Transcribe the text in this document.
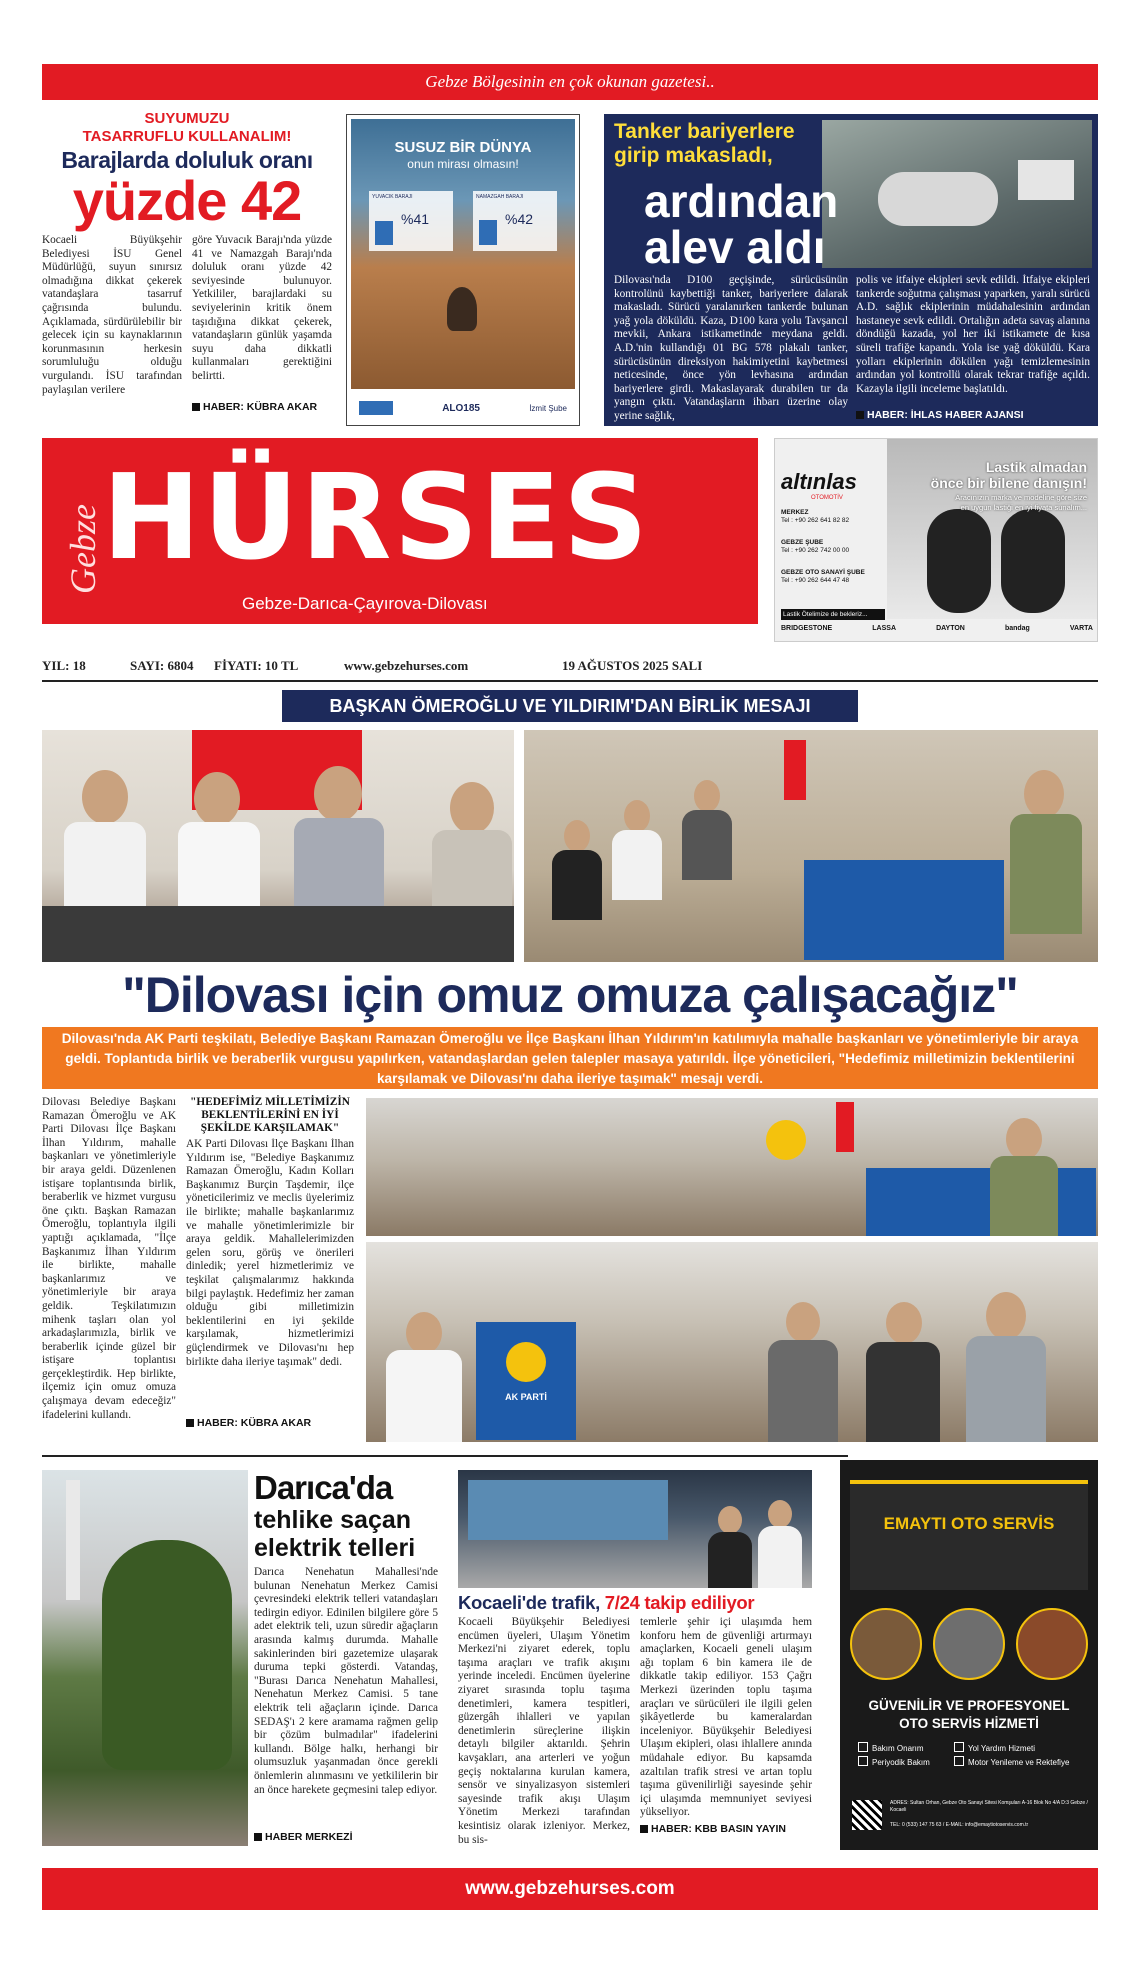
Gebze Bölgesinin en çok okunan gazetesi..
SUYUMUZU
TASARRUFLU KULLANALIM!
Barajlarda doluluk oranı
yüzde 42
Kocaeli Büyükşehir Belediyesi İSU Genel Müdürlüğü, suyun sınırsız olmadığına dikkat çekerek vatandaşlara tasarruf çağrısında bulundu. Açıklamada, sürdürülebilir bir gelecek için su kaynaklarının korunmasının herkesin sorumluluğu olduğu vurgulandı. İSU tarafından paylaşılan verilere
göre Yuvacık Barajı'nda yüzde 41 ve Namazgah Barajı'nda doluluk oranı yüzde 42 seviyesinde bulunuyor. Yetkililer, barajlardaki su seviyelerinin kritik önem taşıdığına dikkat çekerek, vatandaşların günlük yaşamda suyu daha dikkatli kullanmaları gerektiğini belirtti.
HABER: KÜBRA AKAR
SUSUZ BİR DÜNYA
onun mirası olmasın!
YUVACIK BARAJI
%41
NAMAZGAH BARAJI
%42
ALO185	İzmit Şube
Tanker bariyerlere
girip makasladı,
ardından
alev aldı
Dilovası'nda D100 geçişinde, sürücüsünün kontrolünü kaybettiği tanker, bariyerlere dalarak makasladı. Sürücü yaralanırken tankerde bulunan yağ yola döküldü. Kaza, D100 kara yolu Tavşancıl mevkii, Ankara istikametinde meydana geldi. A.D.'nin kullandığı 01 BG 578 plakalı tanker, sürücüsünün direksiyon hakimiyetini kaybetmesi neticesinde, önce yön levhasına ardından bariyerlere girdi. Makaslayarak durabilen tır da yangın çıktı. Vatandaşların ihbarı üzerine olay yerine sağlık,
polis ve itfaiye ekipleri sevk edildi. İtfaiye ekipleri tankerde soğutma çalışması yaparken, yaralı sürücü A.D. sağlık ekiplerinin müdahalesinin ardından hastaneye sevk edildi. Ortalığın adeta savaş alanına döndüğü kazada, yol her iki istikamete de kısa süreli trafiğe kapandı. Yola ise yağ döküldü. Kara yolları ekiplerinin dökülen yağı temizlemesinin ardından yol kontrollü olarak tekrar trafiğe açıldı. Kazayla ilgili inceleme başlatıldı.
HABER: İHLAS HABER AJANSI
Gebze HÜRSES
Gebze-Darıca-Çayırova-Dilovası
Lastik almadan
önce bir bilene danışın!
Aracınızın marka ve modeline göre size
en uygun lastiği en iyi fiyata sunalım...
altınlas
OTOMOTİV
MERKEZ
Tel : +90 262 641 82 82
GEBZE ŞUBE
Tel : +90 262 742 00 00
GEBZE OTO SANAYİ ŞUBE
Tel : +90 262 644 47 48
Lastik Ötelimize de bekleriz...
BRIDGESTONE	LASSA	DAYTON	bandag	VARTA
YIL: 18	SAYI: 6804 FİYATI: 10 TL	www.gebzehurses.com	19 AĞUSTOS 2025 SALI
BAŞKAN ÖMEROĞLU VE YILDIRIM'DAN BİRLİK MESAJI
"Dilovası için omuz omuza çalışacağız"
Dilovası'nda AK Parti teşkilatı, Belediye Başkanı Ramazan Ömeroğlu ve İlçe Başkanı İlhan Yıldırım'ın katılımıyla mahalle başkanları ve yönetimleriyle bir araya geldi. Toplantıda birlik ve beraberlik vurgusu yapılırken, vatandaşlardan gelen talepler masaya yatırıldı. İlçe yöneticileri, "Hedefimiz milletimizin beklentilerini karşılamak ve Dilovası'nı daha ileriye taşımak" mesajı verdi.
Dilovası Belediye Başkanı Ramazan Ömeroğlu ve AK Parti Dilovası İlçe Başkanı İlhan Yıldırım, mahalle başkanları ve yönetimleriyle bir araya geldi. Düzenlenen istişare toplantısında birlik, beraberlik ve hizmet vurgusu öne çıktı. Başkan Ramazan Ömeroğlu, toplantıyla ilgili yaptığı açıklamada, "İlçe Başkanımız İlhan Yıldırım ile birlikte, mahalle başkanlarımız ve yönetimleriyle bir araya geldik. Teşkilatımızın mihenk taşları olan yol arkadaşlarımızla, birlik ve beraberlik içinde güzel bir istişare toplantısı gerçekleştirdik. Hep birlikte, ilçemiz için omuz omuza çalışmaya devam edeceğiz" ifadelerini kullandı.
"HEDEFİMİZ MİLLETİMİZİN BEKLENTİLERİNİ EN İYİ ŞEKİLDE KARŞILAMAK"
AK Parti Dilovası İlçe Başkanı İlhan Yıldırım ise, "Belediye Başkanımız Ramazan Ömeroğlu, Kadın Kolları Başkanımız Burçin Taşdemir, ilçe yöneticilerimiz ve meclis üyelerimiz ile birlikte; mahalle başkanlarımız ve mahalle yönetimlerimizle bir araya geldik. Mahallelerimizden gelen soru, görüş ve önerileri dinledik; yerel hizmetlerimiz ve teşkilat çalışmalarımız hakkında bilgi paylaştık. Hedefimiz her zaman olduğu gibi milletimizin beklentilerini en iyi şekilde karşılamak, hizmetlerimizi güçlendirmek ve Dilovası'nı hep birlikte daha ileriye taşımak" dedi.
HABER: KÜBRA AKAR
AK PARTİ
Darıca'da
tehlike saçan
elektrik telleri
Darıca Nenehatun Mahallesi'nde bulunan Nenehatun Merkez Camisi çevresindeki elektrik telleri vatandaşları tedirgin ediyor. Edinilen bilgilere göre 5 adet elektrik teli, uzun süredir ağaçların arasında kalmış durumda. Mahalle sakinlerinden biri gazetemize ulaşarak duruma tepki gösterdi. Vatandaş, "Burası Darıca Nenehatun Mahallesi, Nenehatun Merkez Camisi. 5 tane elektrik teli ağaçların içinde. Darıca SEDAŞ'ı 2 kere aramama rağmen gelip bir çözüm bulmadılar" ifadelerini kullandı. Bölge halkı, herhangi bir olumsuzluk yaşanmadan önce gerekli önlemlerin alınmasını ve yetkililerin bir an önce harekete geçmesini talep ediyor.
HABER MERKEZİ
Kocaeli'de trafik, 7/24 takip ediliyor
Kocaeli Büyükşehir Belediyesi encümen üyeleri, Ulaşım Yönetim Merkezi'ni ziyaret ederek, toplu taşıma araçları ve trafik akışını yerinde inceledi. Encümen üyelerine ziyaret sırasında toplu taşıma denetimleri, kamera tespitleri, güzergâh ihlalleri ve yapılan denetimlerin süreçlerine ilişkin detaylı bilgiler aktarıldı. Şehrin kavşakları, ana arterleri ve yoğun geçiş noktalarına kurulan kamera, sensör ve sinyalizasyon sistemleri sayesinde trafik akışı Ulaşım Yönetim Merkezi tarafından kesintisiz olarak izleniyor. Merkez, bu sis-
temlerle şehir içi ulaşımda hem konforu hem de güvenliği artırmayı amaçlarken, Kocaeli geneli ulaşım ağı toplam 6 bin kamera ile de dikkatle takip ediliyor. 153 Çağrı Merkezi üzerinden toplu taşıma araçları ve sürücüleri ile ilgili gelen şikâyetlerde bu kameralardan inceleniyor. Büyükşehir Belediyesi Ulaşım ekipleri, olası ihlallere anında müdahale ediyor. Bu kapsamda azaltılan trafik stresi ve artan toplu taşıma güvenilirliği sayesinde şehir içi ulaşımda memnuniyet seviyesi yükseliyor.
HABER: KBB BASIN YAYIN
EMAYTI OTO SERVİS
GÜVENİLİR VE PROFESYONEL
OTO SERVİS HİZMETİ
Bakım Onarım	Yol Yardım Hizmeti
Periyodik Bakım	Motor Yenileme ve Rektefiye
ADRES: Sultan Orhan, Gebze Oto Sanayi Sitesi Komşuları A-16 Blok No 4/A D:3 Gebze / Kocaeli
TEL: 0 (533) 147 75 63 / E-MAIL: info@emaytiotoservis.com.tr
www.gebzehurses.com
